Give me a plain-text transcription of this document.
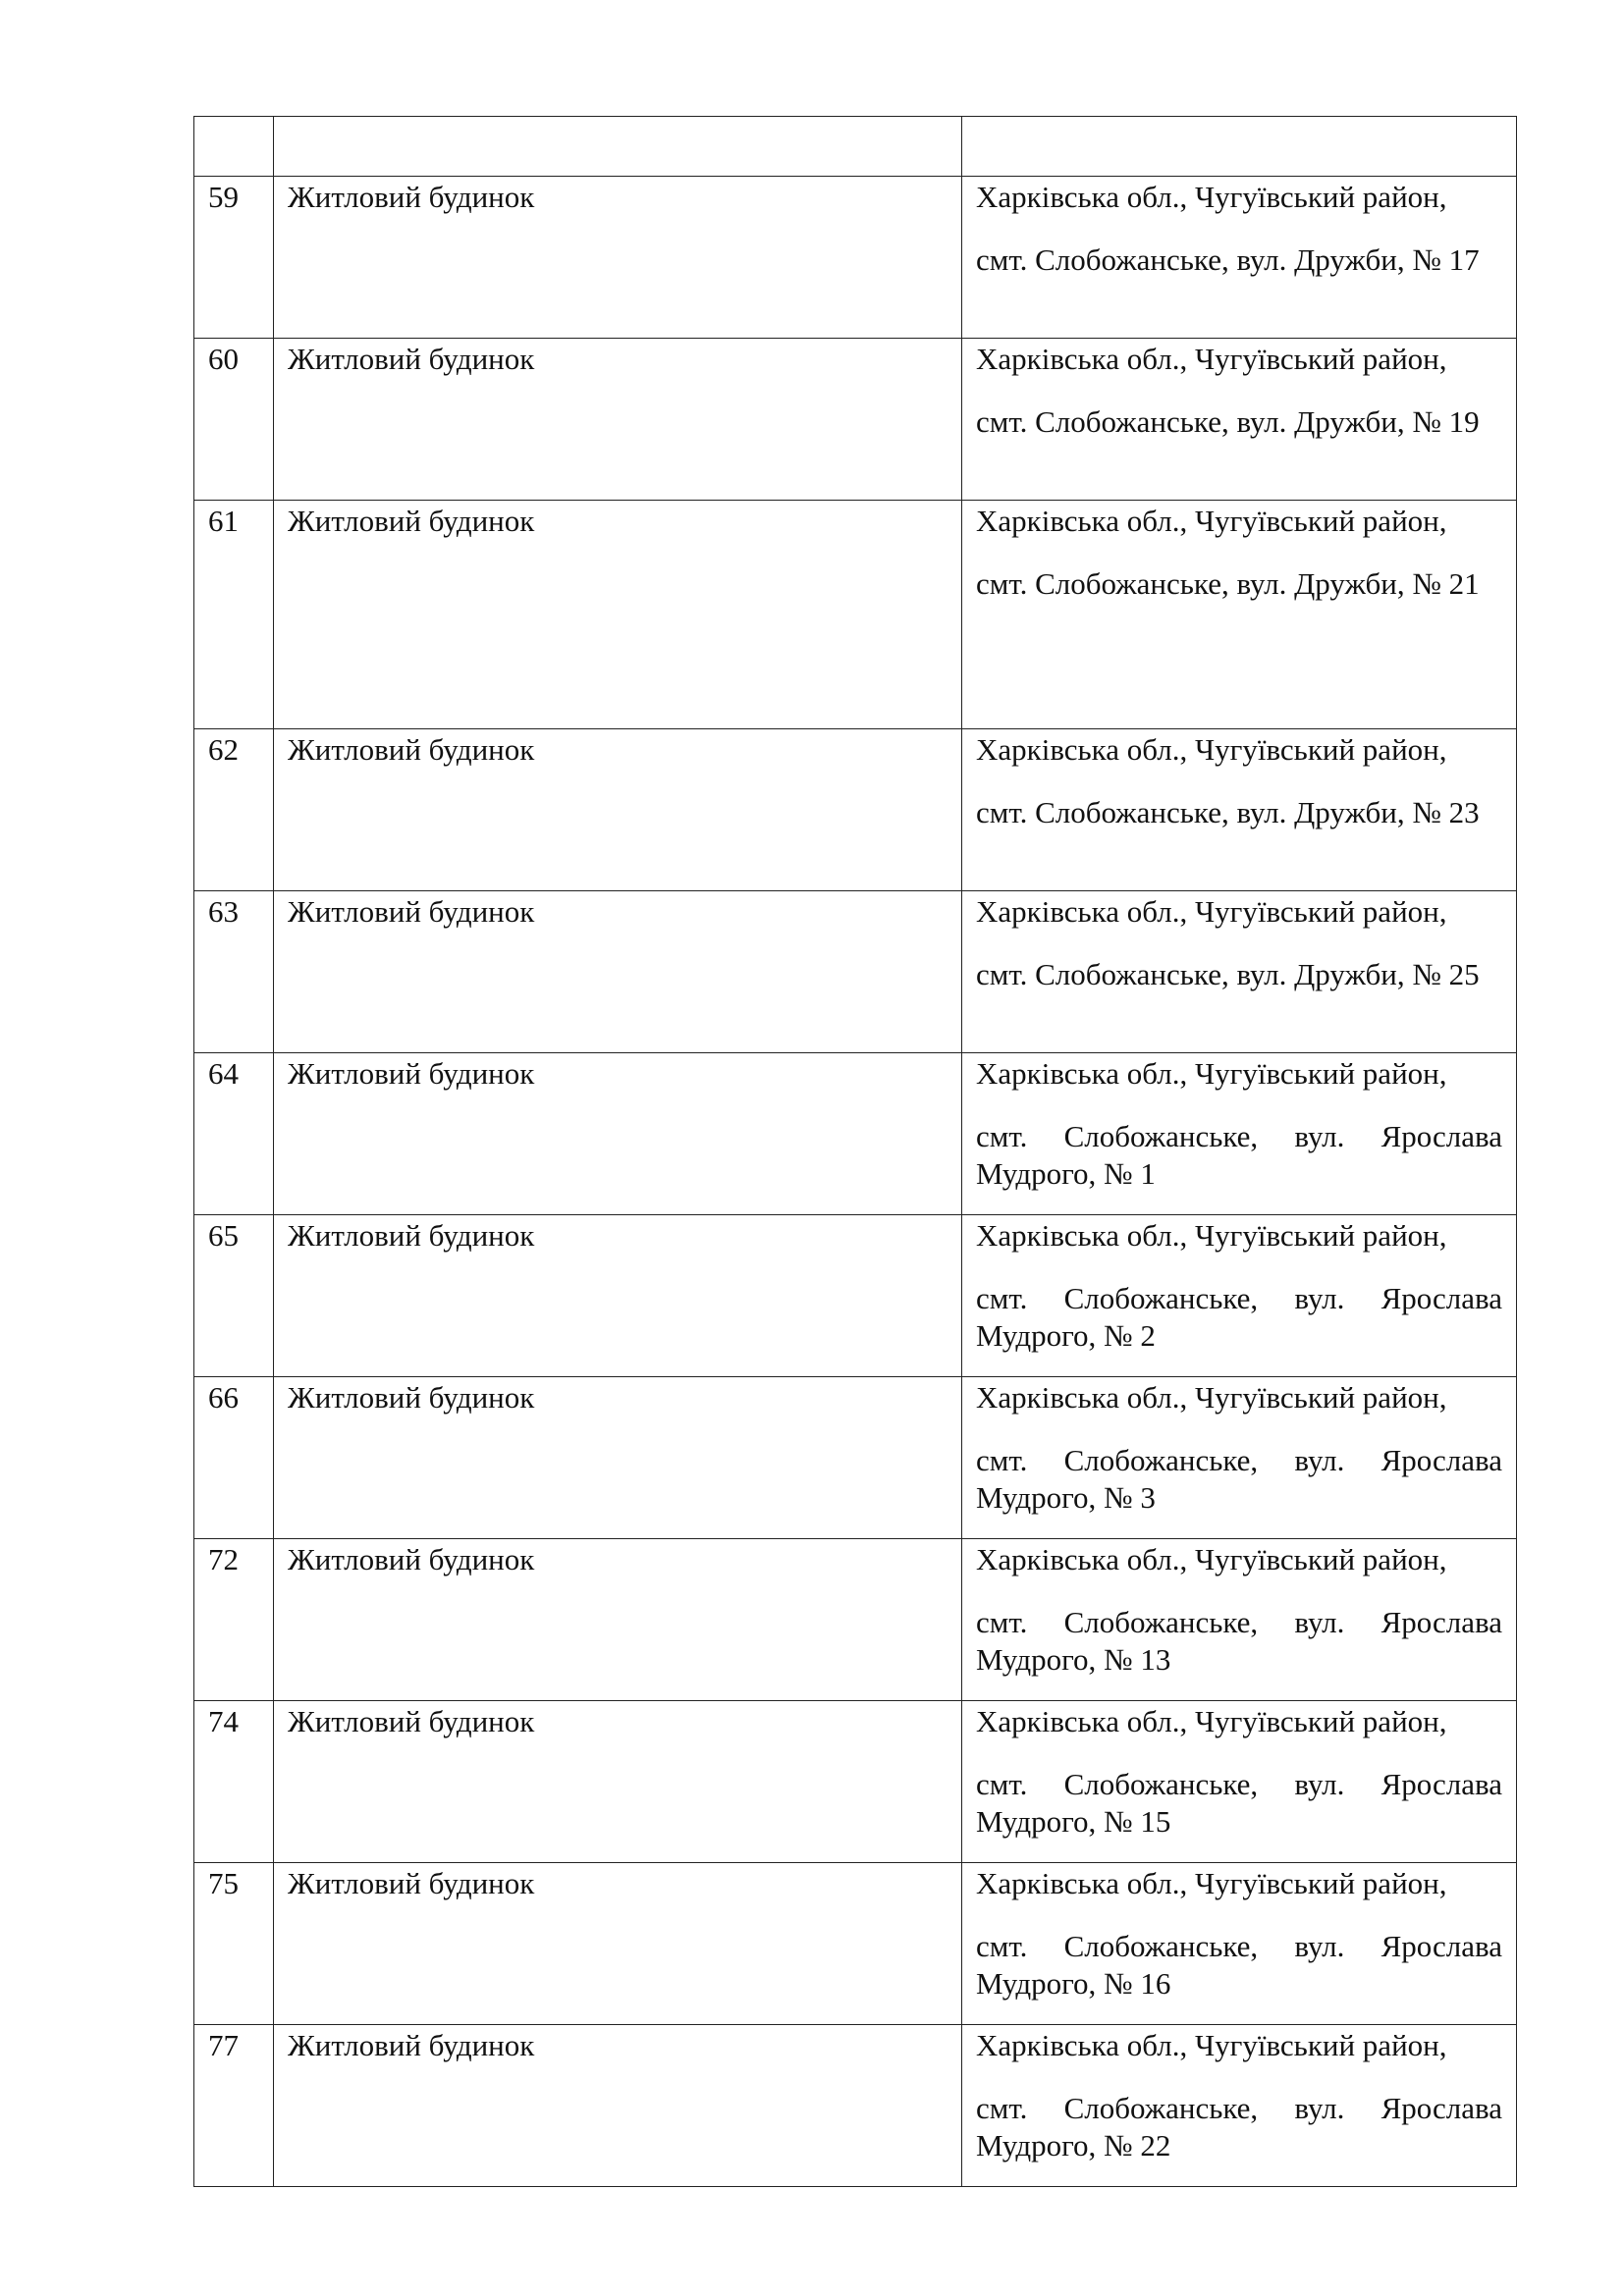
59	Житловий будинок	Харківська обл., Чугуївський район,
смт. Слобожанське, вул. Дружби, № 17

60	Житловий будинок	Харківська обл., Чугуївський район,
смт. Слобожанське, вул. Дружби, № 19

61	Житловий будинок	Харківська обл., Чугуївський район,
смт. Слобожанське, вул. Дружби, № 21

62	Житловий будинок	Харківська обл., Чугуївський район,
смт. Слобожанське, вул. Дружби, № 23

63	Житловий будинок	Харківська обл., Чугуївський район,
смт. Слобожанське, вул. Дружби, № 25

64	Житловий будинок	Харківська обл., Чугуївський район,
смт. Слобожанське, вул. Ярослава Мудрого, № 1

65	Житловий будинок	Харківська обл., Чугуївський район,
смт. Слобожанське, вул. Ярослава Мудрого, № 2

66	Житловий будинок	Харківська обл., Чугуївський район,
смт. Слобожанське, вул. Ярослава Мудрого, № 3

72	Житловий будинок	Харківська обл., Чугуївський район,
смт. Слобожанське, вул. Ярослава Мудрого, № 13

74	Житловий будинок	Харківська обл., Чугуївський район,
смт. Слобожанське, вул. Ярослава Мудрого, № 15

75	Житловий будинок	Харківська обл., Чугуївський район,
смт. Слобожанське, вул. Ярослава Мудрого, № 16

77	Житловий будинок	Харківська обл., Чугуївський район,
смт. Слобожанське, вул. Ярослава Мудрого, № 22
